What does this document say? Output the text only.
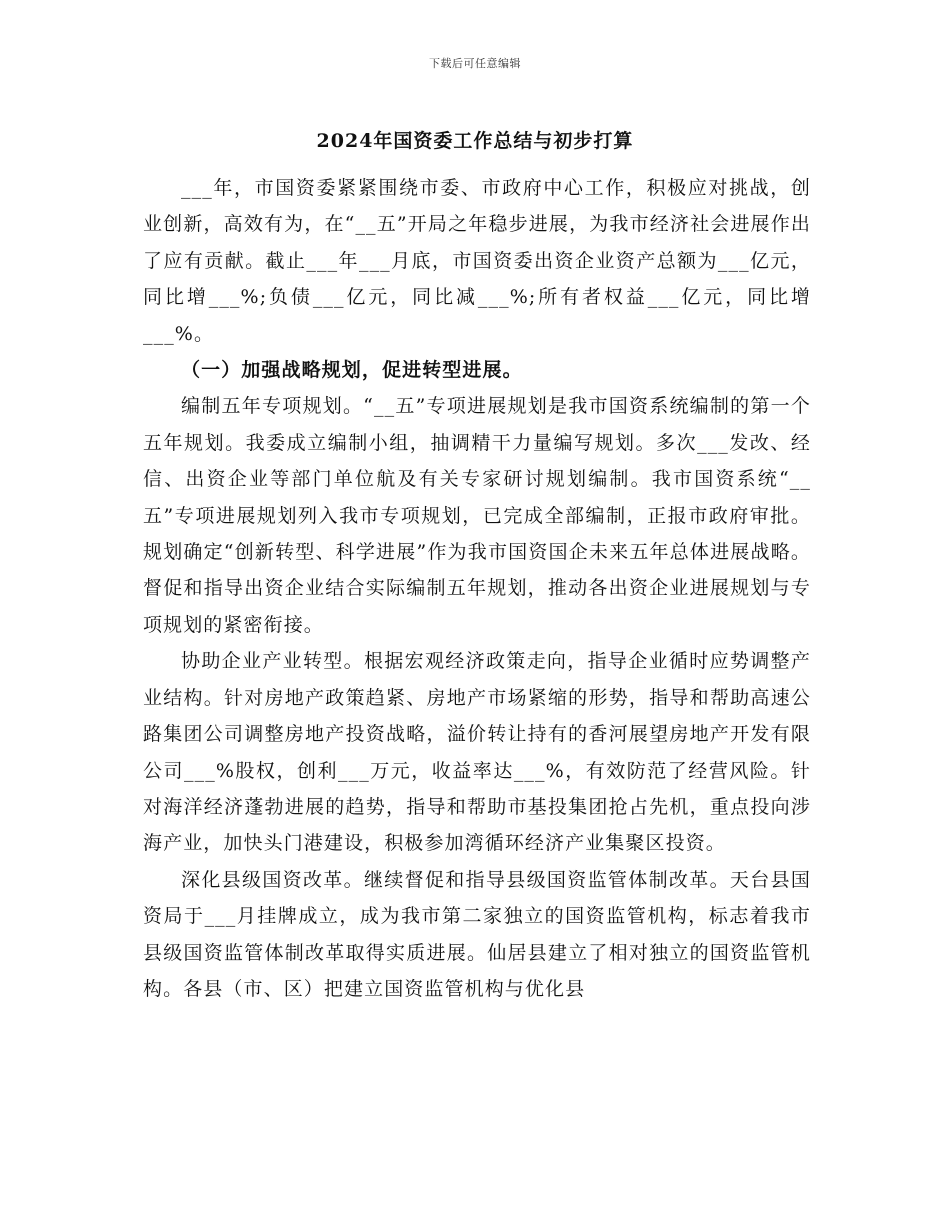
下载后可任意编辑
2024年国资委工作总结与初步打算

___年，市国资委紧紧围绕市委、市政府中心工作，积极应对挑战，创业创新，高效有为，在“__五”开局之年稳步进展，为我市经济社会进展作出了应有贡献。截止___年___月底，市国资委出资企业资产总额为___亿元，同比增___%;负债___亿元，同比减___%;所有者权益___亿元，同比增___%。

（一）加强战略规划，促进转型进展。

编制五年专项规划。“__五”专项进展规划是我市国资系统编制的第一个五年规划。我委成立编制小组，抽调精干力量编写规划。多次___发改、经信、出资企业等部门单位航及有关专家研讨规划编制。我市国资系统“__五”专项进展规划列入我市专项规划，已完成全部编制，正报市政府审批。规划确定“创新转型、科学进展”作为我市国资国企未来五年总体进展战略。督促和指导出资企业结合实际编制五年规划，推动各出资企业进展规划与专项规划的紧密衔接。

协助企业产业转型。根据宏观经济政策走向，指导企业循时应势调整产业结构。针对房地产政策趋紧、房地产市场紧缩的形势，指导和帮助高速公路集团公司调整房地产投资战略，溢价转让持有的香河展望房地产开发有限公司___%股权，创利___万元，收益率达___%，有效防范了经营风险。针对海洋经济蓬勃进展的趋势，指导和帮助市基投集团抢占先机，重点投向涉海产业，加快头门港建设，积极参加湾循环经济产业集聚区投资。

深化县级国资改革。继续督促和指导县级国资监管体制改革。天台县国资局于___月挂牌成立，成为我市第二家独立的国资监管机构，标志着我市县级国资监管体制改革取得实质进展。仙居县建立了相对独立的国资监管机构。各县（市、区）把建立国资监管机构与优化县
